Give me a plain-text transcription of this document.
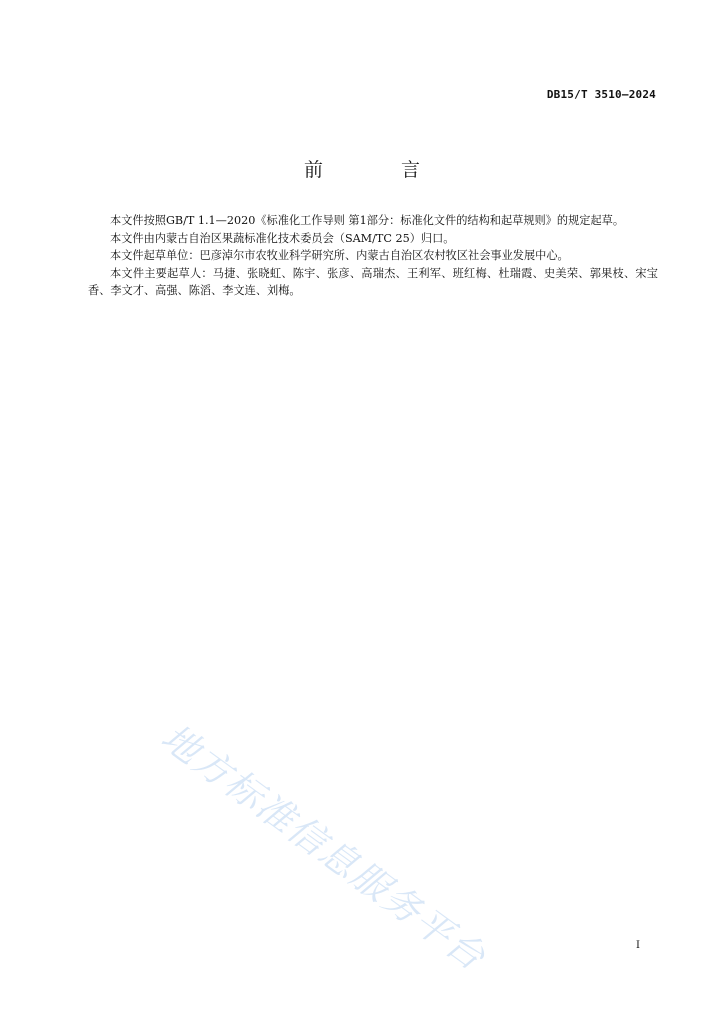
DB15/T 3510—2024
前 言

本文件按照GB/T 1.1—2020《标准化工作导则 第1部分：标准化文件的结构和起草规则》的规定起草。

本文件由内蒙古自治区果蔬标准化技术委员会（SAM/TC 25）归口。

本文件起草单位：巴彦淖尔市农牧业科学研究所、内蒙古自治区农村牧区社会事业发展中心。

本文件主要起草人：马捷、张晓虹、陈宇、张彦、高瑞杰、王利军、班红梅、杜瑞霞、史美荣、郭果枝、宋宝香、李文才、高强、陈滔、李文连、刘梅。

地方标准信息服务平台	I
